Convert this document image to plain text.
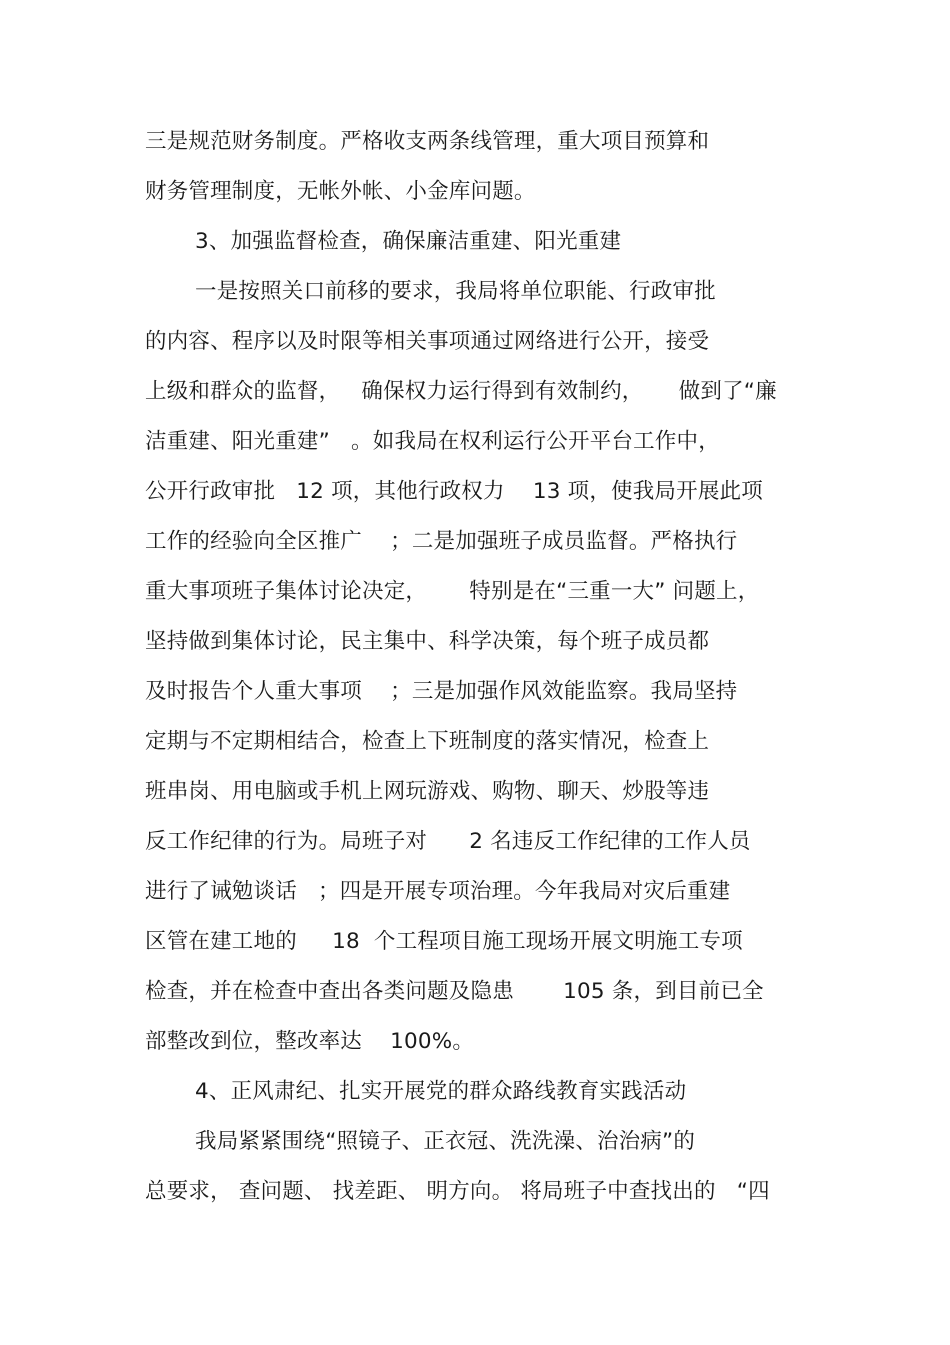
三是规范财务制度。严格收支两条线管理，重大项目预算和
财务管理制度，无帐外帐、小金库问题。
3、加强监督检查，确保廉洁重建、阳光重建
一是按照关口前移的要求，我局将单位职能、行政审批
的内容、程序以及时限等相关事项通过网络进行公开，接受
上级和群众的监督，   确保权力运行得到有效制约，     做到了“廉
洁重建、阳光重建”   。如我局在权利运行公开平台工作中，
公开行政审批   12 项，其他行政权力    13 项，使我局开展此项
工作的经验向全区推广    ；二是加强班子成员监督。严格执行
重大事项班子集体讨论决定，      特别是在“三重一大” 问题上，
坚持做到集体讨论，民主集中、科学决策，每个班子成员都
及时报告个人重大事项    ；三是加强作风效能监察。我局坚持
定期与不定期相结合，检查上下班制度的落实情况，检查上
班串岗、用电脑或手机上网玩游戏、购物、聊天、炒股等违
反工作纪律的行为。局班子对      2 名违反工作纪律的工作人员
进行了诫勉谈话   ；四是开展专项治理。今年我局对灾后重建
区管在建工地的     18  个工程项目施工现场开展文明施工专项
检查，并在检查中查出各类问题及隐患       105 条，到目前已全
部整改到位，整改率达    100%。
4、正风肃纪、扎实开展党的群众路线教育实践活动
我局紧紧围绕“照镜子、正衣冠、洗洗澡、治治病”的
总要求， 查问题、 找差距、 明方向。 将局班子中查找出的   “四
